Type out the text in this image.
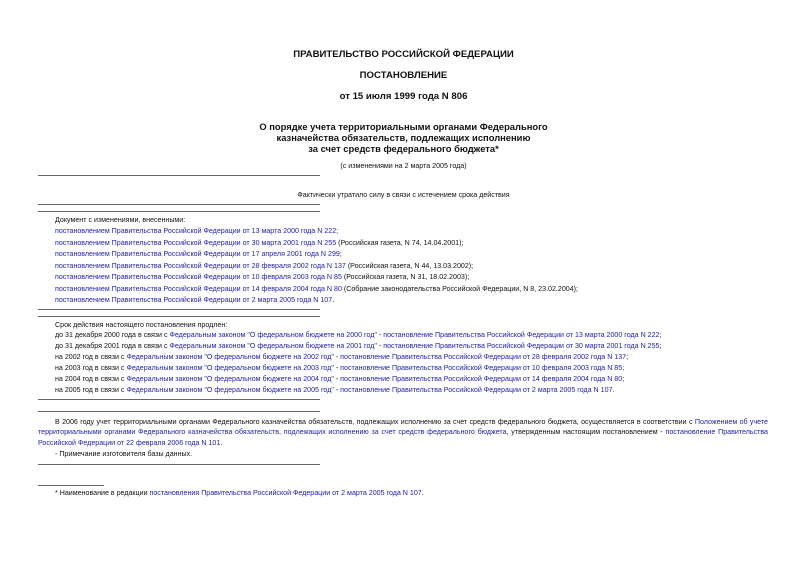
ПРАВИТЕЛЬСТВО РОССИЙСКОЙ ФЕДЕРАЦИИ
ПОСТАНОВЛЕНИЕ
от 15 июля 1999 года N 806
О порядке учета территориальными органами Федерального
казначейства обязательств, подлежащих исполнению
за счет средств федерального бюджета*
(с изменениями на 2 марта 2005 года)
Фактически утратило силу в связи с истечением срока действия
Документ с изменениями, внесенными:
постановлением Правительства Российской Федерации от 13 марта 2000 года N 222;
постановлением Правительства Российской Федерации от 30 марта 2001 года N 255 (Российская газета, N 74, 14.04.2001);
постановлением Правительства Российской Федерации от 17 апреля 2001 года N 299;
постановлением Правительства Российской Федерации от 28 февраля 2002 года N 137 (Российская газета, N 44, 13.03.2002);
постановлением Правительства Российской Федерации от 10 февраля 2003 года N 85 (Российская газета, N 31, 18.02.2003);
постановлением Правительства Российской Федерации от 14 февраля 2004 года N 80 (Собрание законодательства Российской Федерации, N 8, 23.02.2004);
постановлением Правительства Российской Федерации от 2 марта 2005 года N 107.
Срок действия настоящего постановления продлен:
до 31 декабря 2000 года в связи с Федеральным законом "О федеральном бюджете на 2000 год" - постановление Правительства Российской Федерации от 13 марта 2000 года N 222;
до 31 декабря 2001 года в связи с Федеральным законом "О федеральном бюджете на 2001 год" - постановление Правительства Российской Федерации от 30 марта 2001 года N 255;
на 2002 год в связи с Федеральным законом "О федеральном бюджете на 2002 год" - постановление Правительства Российской Федерации от 28 февраля 2002 года N 137;
на 2003 год в связи с Федеральным законом "О федеральном бюджете на 2003 год" - постановление Правительства Российской Федерации от 10 февраля 2003 года N 85;
на 2004 год в связи с Федеральным законом "О федеральном бюджете на 2004 год" - постановление Правительства Российской Федерации от 14 февраля 2004 года N 80;
на 2005 год в связи с Федеральным законом "О федеральном бюджете на 2005 год" - постановление Правительства Российской Федерации от 2 марта 2005 года N 107.
В 2006 году учет территориальными органами Федерального казначейства обязательств, подлежащих исполнению за счет средств федерального бюджета, осуществляется в соответствии с Положением об учете территориальными органами Федерального казначейства обязательств, подлежащих исполнению за счет средств федерального бюджета, утвержденным настоящим постановлением - постановление Правительства Российской Федерации от 22 февраля 2006 года N 101.
- Примечание изготовителя базы данных.
* Наименование в редакции постановления Правительства Российской Федерации от 2 марта 2005 года N 107.
